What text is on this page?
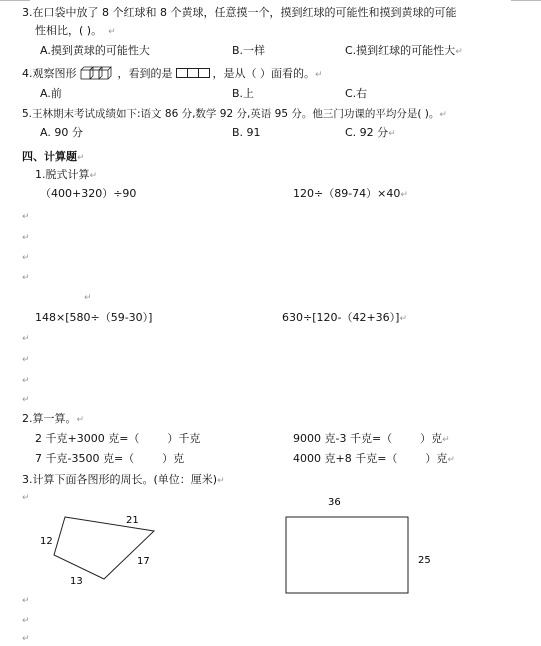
3.在口袋中放了 8 个红球和 8 个黄球，任意摸一个，摸到红球的可能性和摸到黄球的可能
性相比，( )。 ↵
A.摸到黄球的可能性大	B.一样	C.摸到红球的可能性大↵
4.观察图形	，看到的是	，是从（ ）面看的。↵
A.前	B.上	C.右
5.王林期末考试成绩如下:语文 86 分,数学 92 分,英语 95 分。他三门功课的平均分是( )。↵
A. 90 分	B. 91	C. 92 分↵
四、计算题↵
1.脱式计算↵
（400+320）÷90	120÷（89-74）×40↵
↵
↵
↵
↵
↵
148×[580÷（59-30）]	630÷[120-（42+36）]↵
↵
↵
↵
↵
2.算一算。↵
2 千克+3000 克=（	）千克	9000 克-3 千克=（	）克↵
7 千克-3500 克=（	）克	4000 克+8 千克=（	）克↵
3.计算下面各图形的周长。(单位：厘米)↵
↵
21
12
17
13
36
25
↵
↵
↵
